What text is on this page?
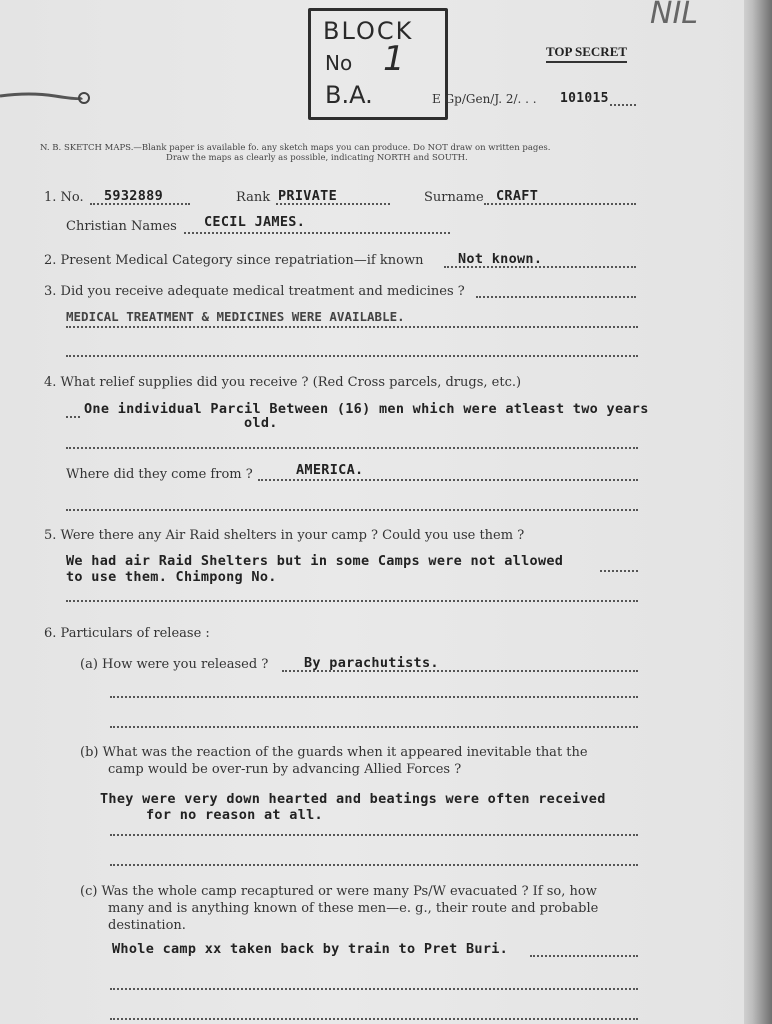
BLOCK
No 1
B.A.
NIL
TOP SECRET
E Gp/Gen/J. 2/. . . 101015
N. B. SKETCH MAPS.—Blank paper is available fo. any sketch maps you can produce. Do NOT draw on written pages.
Draw the maps as clearly as possible, indicating NORTH and SOUTH.
1. No. 5932889	Rank PRIVATE	Surname CRAFT
Christian Names CECIL JAMES.
2. Present Medical Category since repatriation—if known	Not known.
3. Did you receive adequate medical treatment and medicines ?
MEDICAL TREATMENT & MEDICINES WERE AVAILABLE.
4. What relief supplies did you receive ? (Red Cross parcels, drugs, etc.)
One individual Parcil Between (16) men which were atleast two years
old.
Where did they come from ?	AMERICA.
5. Were there any Air Raid shelters in your camp ? Could you use them ?
We had air Raid Shelters but in some Camps were not allowed
to use them. Chimpong No.
6. Particulars of release :
(a) How were you released ?	By parachutists.
(b) What was the reaction of the guards when it appeared inevitable that the
camp would be over-run by advancing Allied Forces ?
They were very down hearted and beatings were often received
for no reason at all.
(c) Was the whole camp recaptured or were many Ps/W evacuated ? If so, how
many and is anything known of these men—e. g., their route and probable
destination.
Whole camp xx taken back by train to Pret Buri.
